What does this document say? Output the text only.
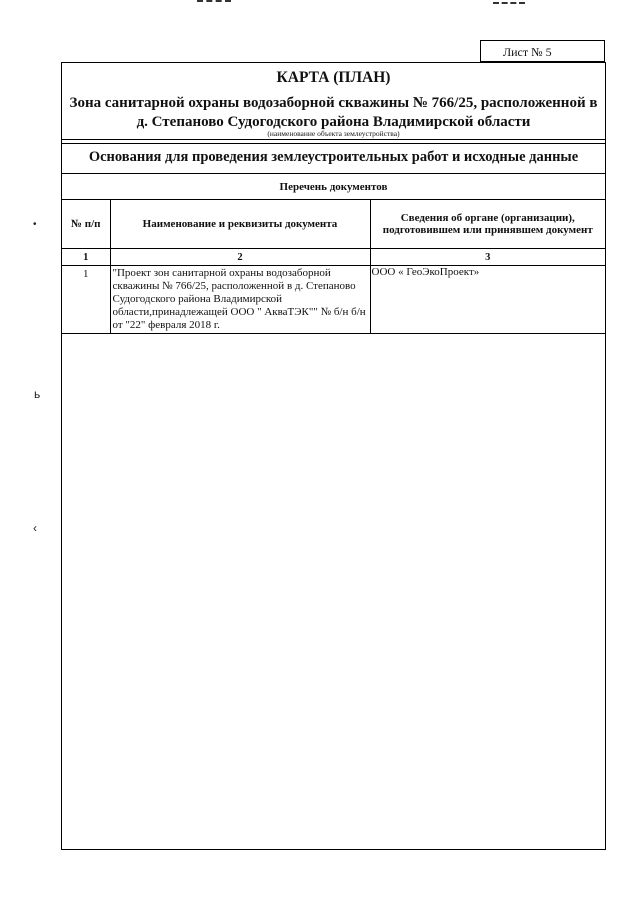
•
ь
‹
Лист № 5
КАРТА (ПЛАН)
Зона санитарной охраны водозаборной скважины № 766/25, расположенной в
д. Степаново Судогодского района Владимирской области
(наименование объекта землеустройства)
Основания для проведения землеустроительных работ и исходные данные
Перечень документов
№ п/п	Наименование и реквизиты документа	Сведения об органе (организации), подготовившем или принявшем документ
1	2	3
1	"Проект зон санитарной охраны водозаборной скважины № 766/25, расположенной в д. Степаново Судогодского района Владимирской области,принадлежащей ООО " АкваТЭК"" № б/н б/н от "22" февраля 2018 г.	ООО « ГеоЭкоПроект»
